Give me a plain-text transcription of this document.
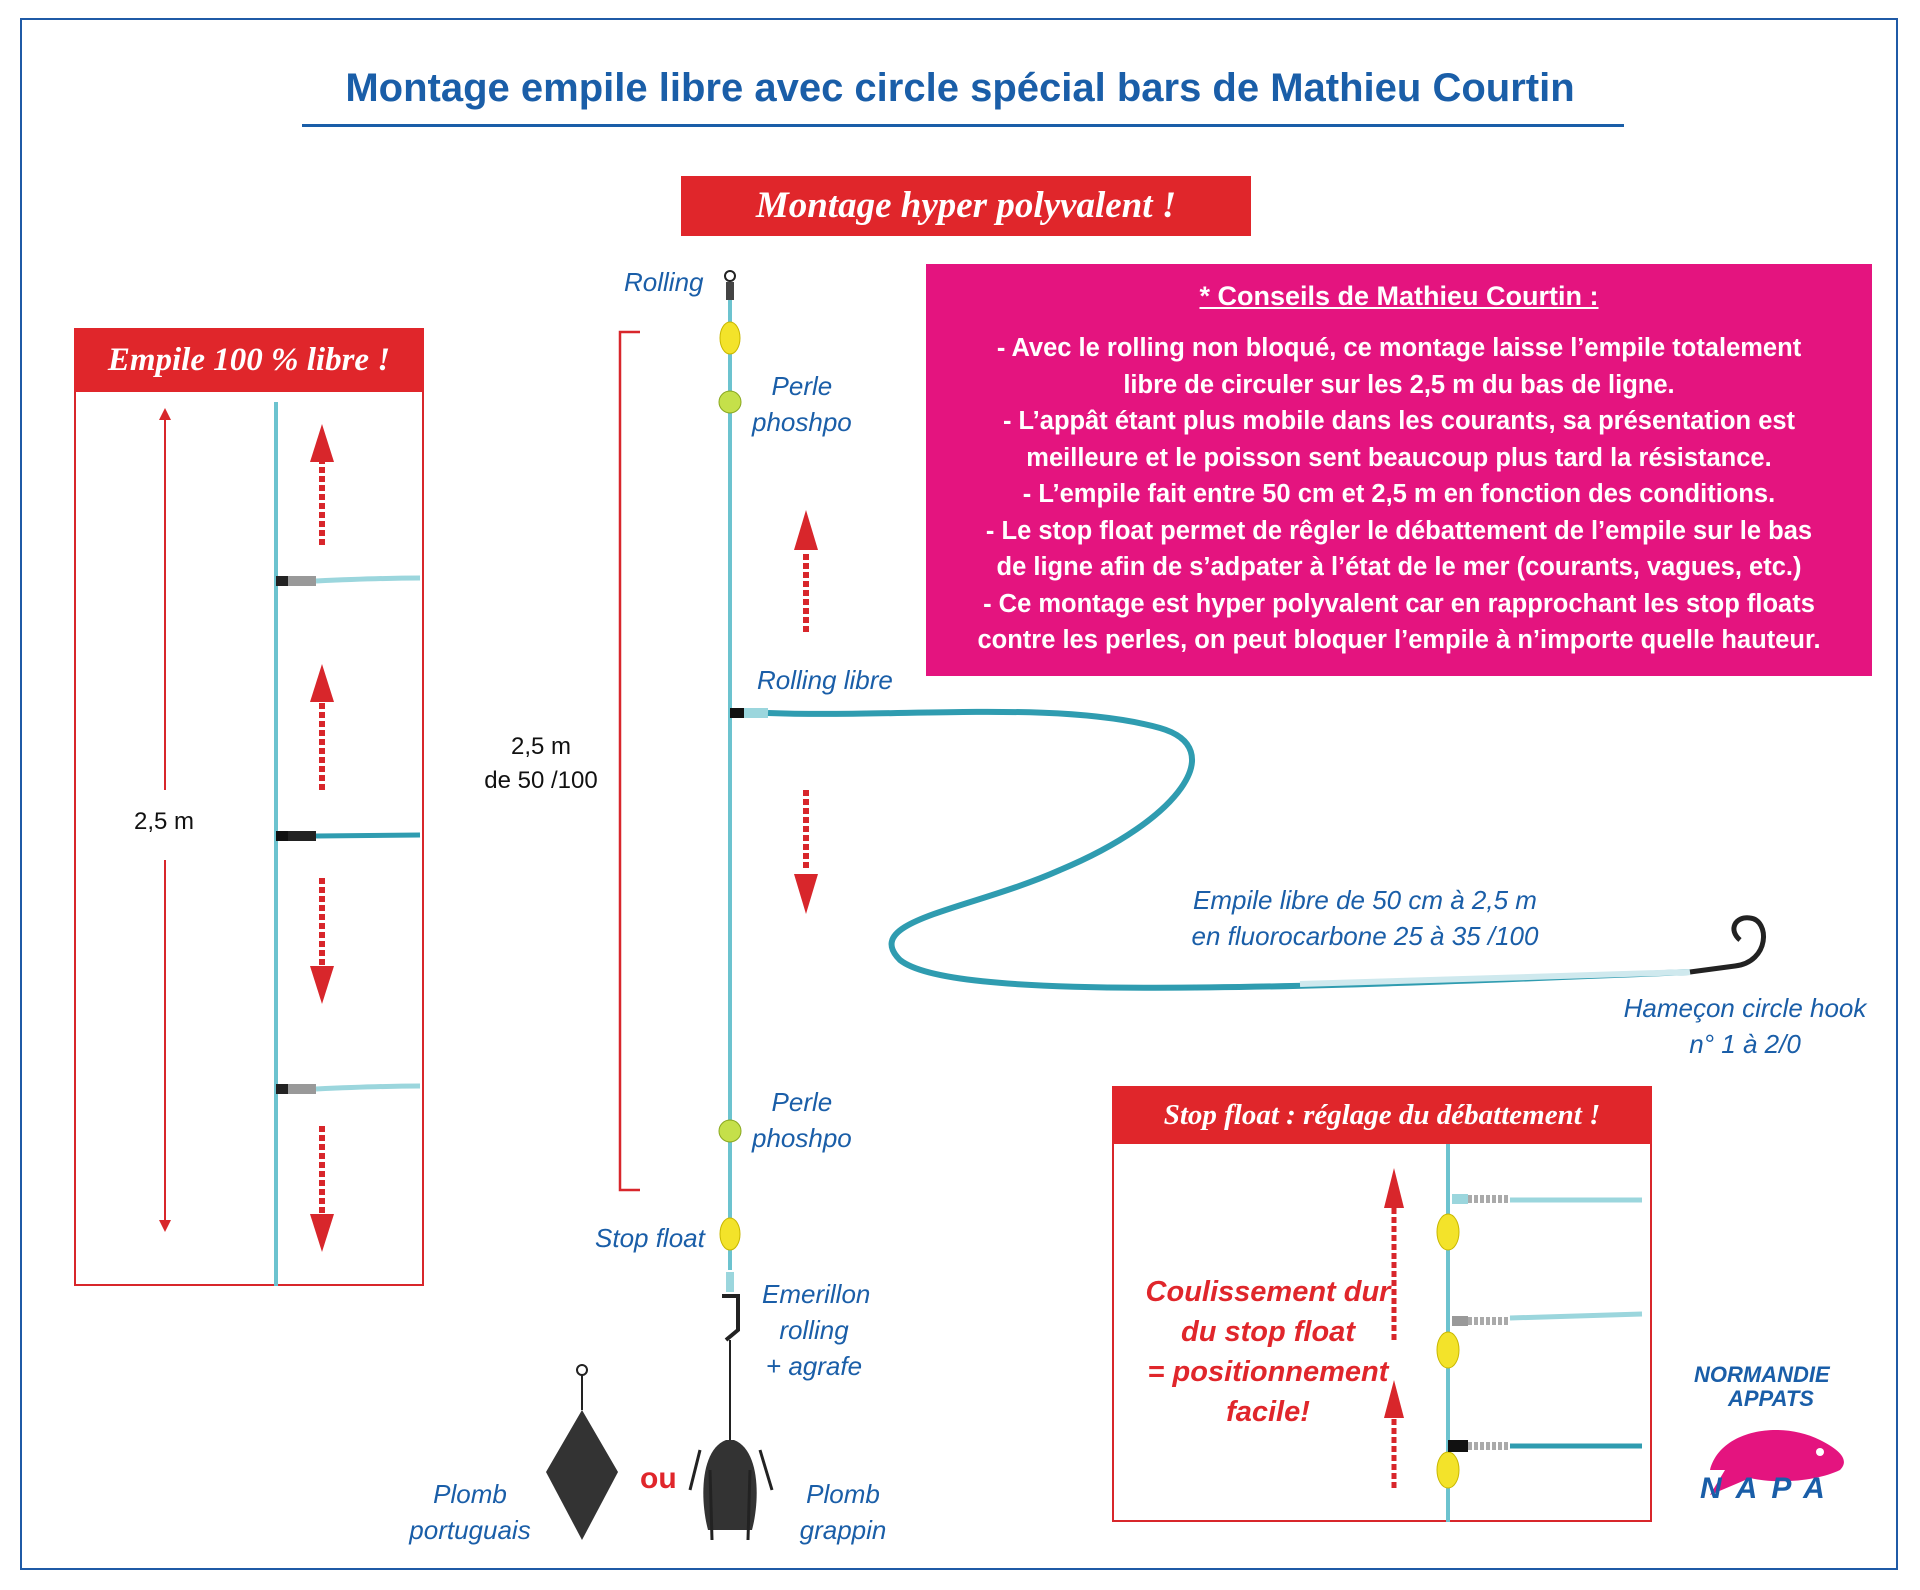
Montage empile libre avec circle spécial bars de Mathieu Courtin
Montage hyper polyvalent !
Empile 100 % libre !
2,5 m
* Conseils de Mathieu Courtin :
- Avec le rolling non bloqué, ce montage laisse l’empile totalement
libre de circuler sur les 2,5 m du bas de ligne.
- L’appât étant plus mobile dans les courants, sa présentation est
meilleure et le poisson sent beaucoup plus tard la résistance.
- L’empile fait entre 50 cm et 2,5 m en fonction des conditions.
- Le stop float permet de rêgler le débattement de l’empile sur le bas
de ligne afin de s’adpater à l’état de le mer (courants, vagues, etc.)
- Ce montage est hyper polyvalent car en rapprochant les stop floats
contre les perles, on peut bloquer l’empile à n’importe quelle hauteur.
Stop float : réglage du débattement !
Coulissement dur
du stop float
= positionnement
facile!
Rolling
Perle
phoshpo
Rolling libre
2,5 m
de 50 /100
Empile libre de 50 cm à 2,5 m
en fluorocarbone 25 à 35 /100
Hameçon circle hook
n° 1 à 2/0
Perle
phoshpo
Stop float
Emerillon
rolling
+ agrafe
Plomb
portuguais
ou	Plomb
grappin
NORMANDIE
APPATS
NAPA
